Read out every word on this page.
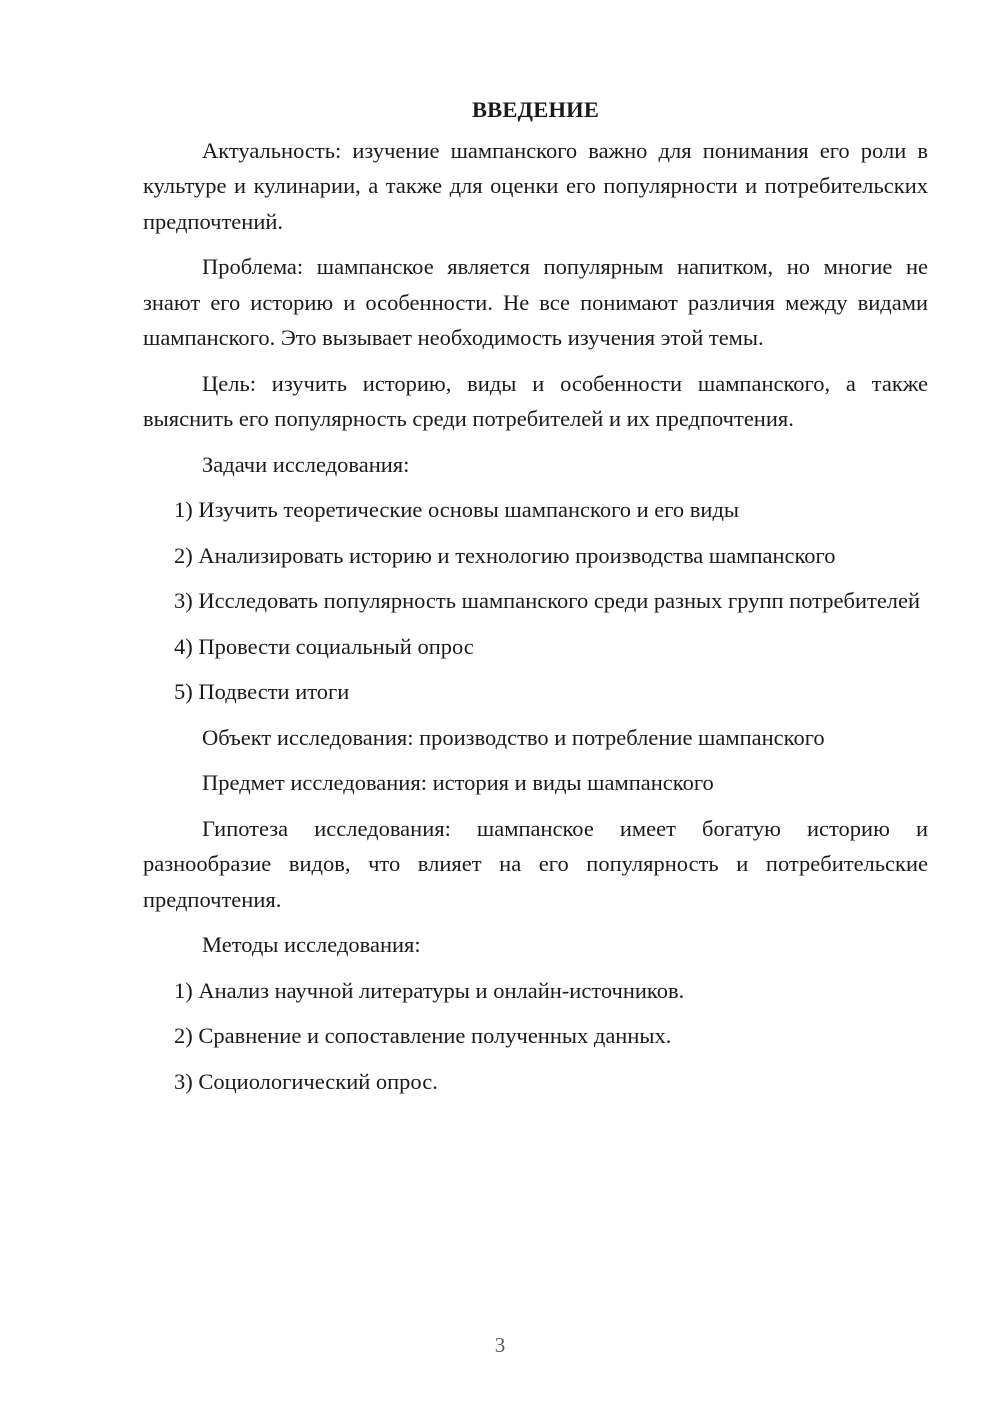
ВВЕДЕНИЕ

Актуальность: изучение шампанского важно для понимания его роли в культуре и кулинарии, а также для оценки его популярности и потребительских предпочтений.

Проблема: шампанское является популярным напитком, но многие не знают его историю и особенности. Не все понимают различия между видами шампанского. Это вызывает необходимость изучения этой темы.

Цель: изучить историю, виды и особенности шампанского, а также выяснить его популярность среди потребителей и их предпочтения.

Задачи исследования:

1) Изучить теоретические основы шампанского и его виды

2) Анализировать историю и технологию производства шампанского

3) Исследовать популярность шампанского среди разных групп потребителей

4) Провести социальный опрос

5) Подвести итоги

Объект исследования: производство и потребление шампанского

Предмет исследования: история и виды шампанского

Гипотеза исследования: шампанское имеет богатую историю и разнообразие видов, что влияет на его популярность и потребительские предпочтения.

Методы исследования:

1) Анализ научной литературы и онлайн-источников.

2) Сравнение и сопоставление полученных данных.

3) Социологический опрос.

3
